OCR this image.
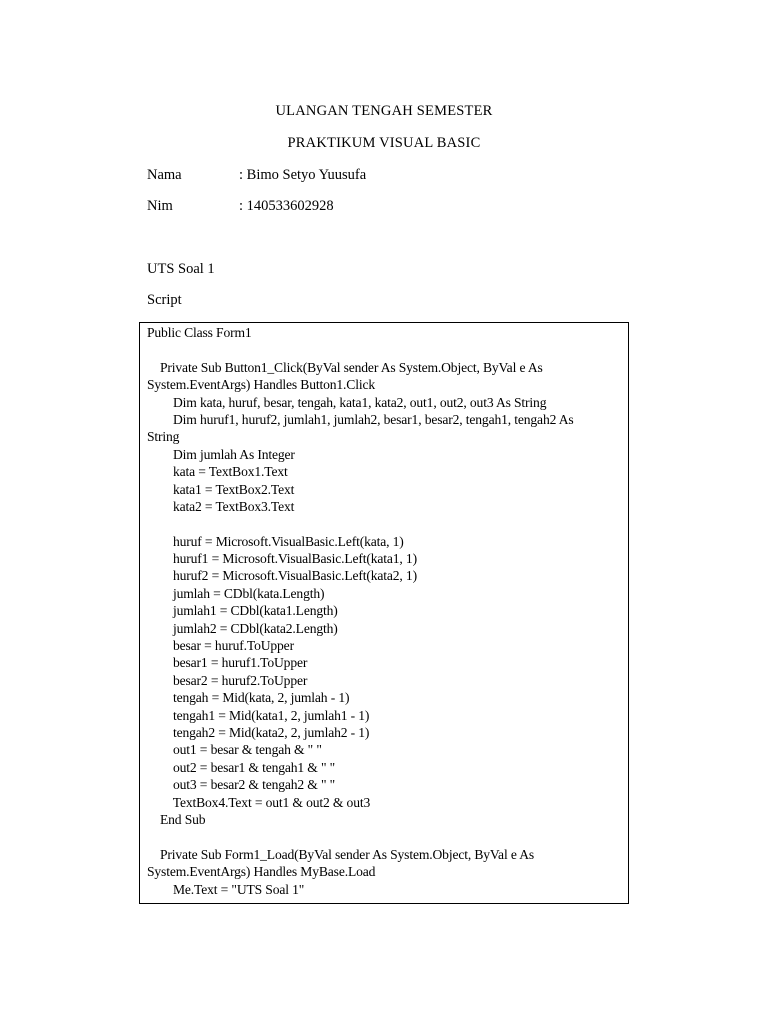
ULANGAN TENGAH SEMESTER
PRAKTIKUM VISUAL BASIC
Nama	: Bimo Setyo Yuusufa
Nim	: 140533602928
UTS Soal 1
Script
Public Class Form1
Private Sub Button1_Click(ByVal sender As System.Object, ByVal e As
System.EventArgs) Handles Button1.Click
Dim kata, huruf, besar, tengah, kata1, kata2, out1, out2, out3 As String
Dim huruf1, huruf2, jumlah1, jumlah2, besar1, besar2, tengah1, tengah2 As
String
Dim jumlah As Integer
kata = TextBox1.Text
kata1 = TextBox2.Text
kata2 = TextBox3.Text
huruf = Microsoft.VisualBasic.Left(kata, 1)
huruf1 = Microsoft.VisualBasic.Left(kata1, 1)
huruf2 = Microsoft.VisualBasic.Left(kata2, 1)
jumlah = CDbl(kata.Length)
jumlah1 = CDbl(kata1.Length)
jumlah2 = CDbl(kata2.Length)
besar = huruf.ToUpper
besar1 = huruf1.ToUpper
besar2 = huruf2.ToUpper
tengah = Mid(kata, 2, jumlah - 1)
tengah1 = Mid(kata1, 2, jumlah1 - 1)
tengah2 = Mid(kata2, 2, jumlah2 - 1)
out1 = besar & tengah & " "
out2 = besar1 & tengah1 & " "
out3 = besar2 & tengah2 & " "
TextBox4.Text = out1 & out2 & out3
End Sub
Private Sub Form1_Load(ByVal sender As System.Object, ByVal e As
System.EventArgs) Handles MyBase.Load
Me.Text = "UTS Soal 1"
